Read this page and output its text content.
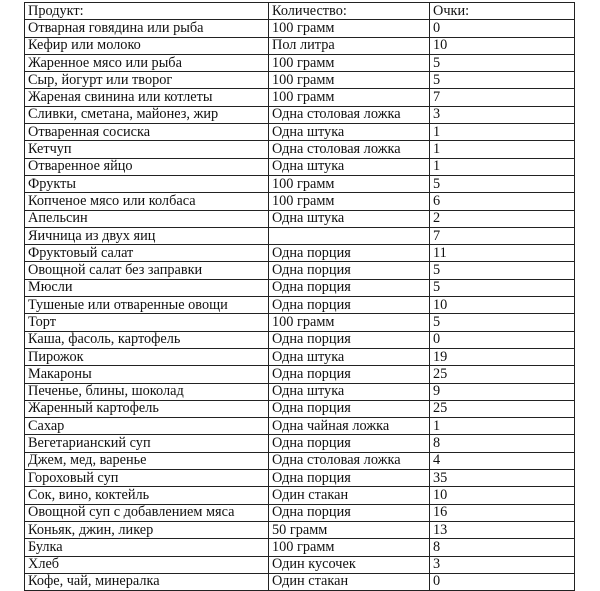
Продукт:	Количество:	Очки:
Отварная говядина или рыба	100 грамм	0
Кефир или молоко	Пол литра	10
Жаренное мясо или рыба	100 грамм	5
Сыр, йогурт или творог	100 грамм	5
Жареная свинина или котлеты	100 грамм	7
Сливки, сметана, майонез, жир	Одна столовая ложка	3
Отваренная сосиска	Одна штука	1
Кетчуп	Одна столовая ложка	1
Отваренное яйцо	Одна штука	1
Фрукты	100 грамм	5
Копченое мясо или колбаса	100 грамм	6
Апельсин	Одна штука	2
Яичница из двух яиц		7
Фруктовый салат	Одна порция	11
Овощной салат без заправки	Одна порция	5
Мюсли	Одна порция	5
Тушеные или отваренные овощи	Одна порция	10
Торт	100 грамм	5
Каша, фасоль, картофель	Одна порция	0
Пирожок	Одна штука	19
Макароны	Одна порция	25
Печенье, блины, шоколад	Одна штука	9
Жаренный картофель	Одна порция	25
Сахар	Одна чайная ложка	1
Вегетарианский суп	Одна порция	8
Джем, мед, варенье	Одна столовая ложка	4
Гороховый суп	Одна порция	35
Сок, вино, коктейль	Один стакан	10
Овощной суп с добавлением мяса	Одна порция	16
Коньяк, джин, ликер	50 грамм	13
Булка	100 грамм	8
Хлеб	Один кусочек	3
Кофе, чай, минералка	Один стакан	0
